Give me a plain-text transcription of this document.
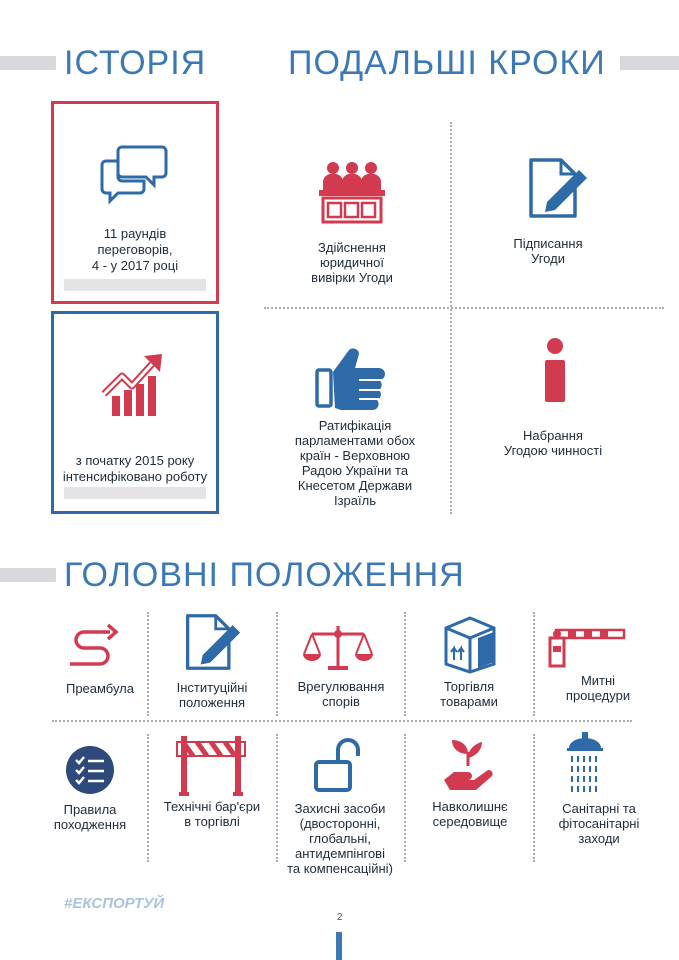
ІСТОРІЯ ПОДАЛЬШІ КРОКИ
11 раундів
переговорів,
4 - у 2017 році
з початку 2015 року
інтенсифіковано роботу
Здійснення
юридичної
вивірки Угоди
Підписання
Угоди
Ратифікація
парламентами обох
країн - Верховною
Радою України та
Кнесетом Держави
Ізраїль
Набрання
Угодою чинності
ГОЛОВНІ ПОЛОЖЕННЯ
Преамбула	Інституційні
положення
Врегулювання
спорів
Торгівля
товарами
Митні
процедури
Правила
походження
Технічні бар'єри
в торгівлі
Захисні засоби
(двосторонні,
глобальні,
антидемпінгові
та компенсаційні)
Навколишнє
середовище
Санітарні та
фітосанітарні
заходи
#ЕКСПОРТУЙ
2
